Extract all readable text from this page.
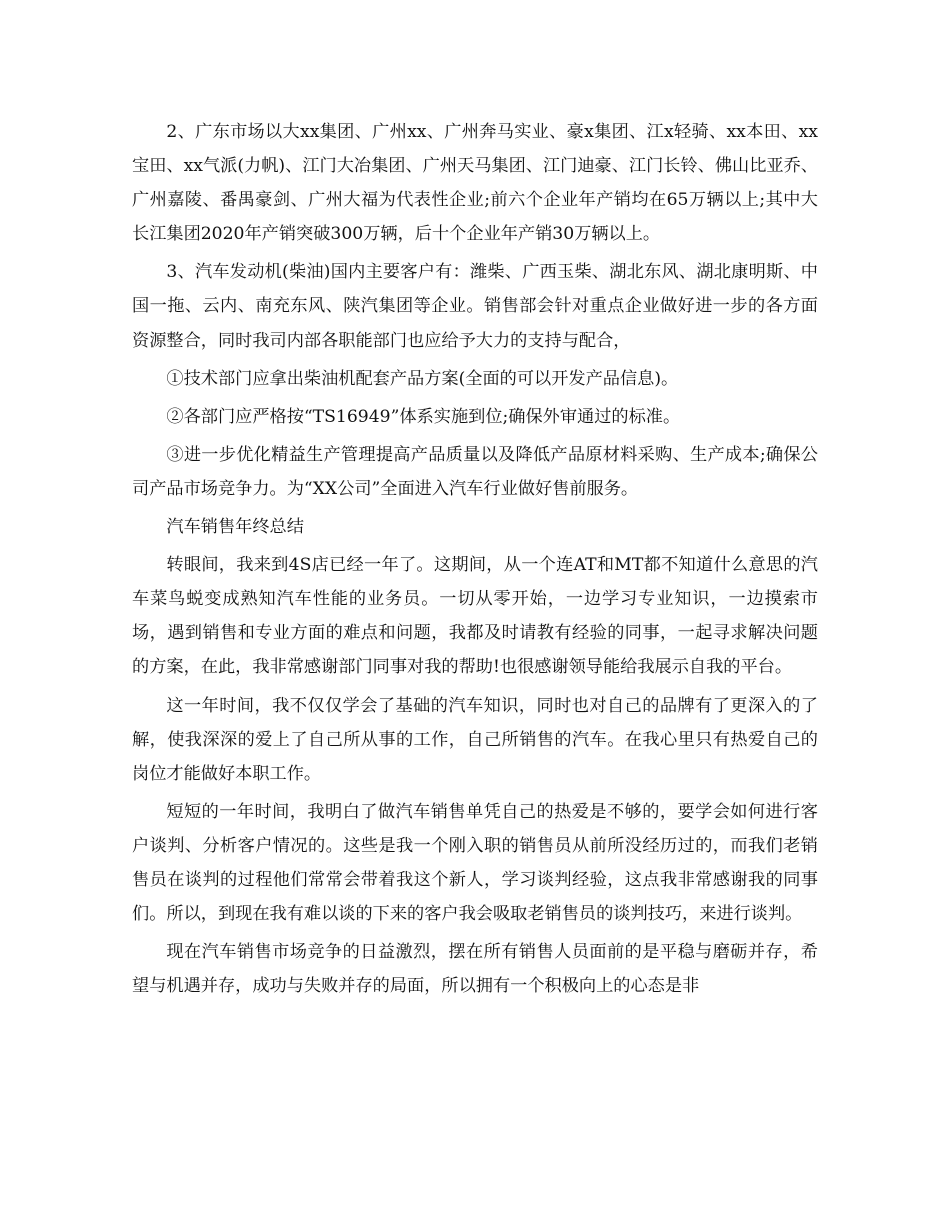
2、广东市场以大xx集团、广州xx、广州奔马实业、豪x集团、江x轻骑、xx本田、xx宝田、xx气派(力帆)、江门大冶集团、广州天马集团、江门迪豪、江门长铃、佛山比亚乔、广州嘉陵、番禺豪剑、广州大福为代表性企业;前六个企业年产销均在65万辆以上;其中大长江集团2020年产销突破300万辆，后十个企业年产销30万辆以上。

3、汽车发动机(柴油)国内主要客户有：潍柴、广西玉柴、湖北东风、湖北康明斯、中国一拖、云内、南充东风、陕汽集团等企业。销售部会针对重点企业做好进一步的各方面资源整合，同时我司内部各职能部门也应给予大力的支持与配合，

①技术部门应拿出柴油机配套产品方案(全面的可以开发产品信息)。

②各部门应严格按“TS16949”体系实施到位;确保外审通过的标准。

③进一步优化精益生产管理提高产品质量以及降低产品原材料采购、生产成本;确保公司产品市场竞争力。为“XX公司”全面进入汽车行业做好售前服务。

汽车销售年终总结

转眼间，我来到4S店已经一年了。这期间，从一个连AT和MT都不知道什么意思的汽车菜鸟蜕变成熟知汽车性能的业务员。一切从零开始，一边学习专业知识，一边摸索市场，遇到销售和专业方面的难点和问题，我都及时请教有经验的同事，一起寻求解决问题的方案，在此，我非常感谢部门同事对我的帮助!也很感谢领导能给我展示自我的平台。

这一年时间，我不仅仅学会了基础的汽车知识，同时也对自己的品牌有了更深入的了解，使我深深的爱上了自己所从事的工作，自己所销售的汽车。在我心里只有热爱自己的岗位才能做好本职工作。

短短的一年时间，我明白了做汽车销售单凭自己的热爱是不够的，要学会如何进行客户谈判、分析客户情况的。这些是我一个刚入职的销售员从前所没经历过的，而我们老销售员在谈判的过程他们常常会带着我这个新人，学习谈判经验，这点我非常感谢我的同事们。所以，到现在我有难以谈的下来的客户我会吸取老销售员的谈判技巧，来进行谈判。

现在汽车销售市场竞争的日益激烈，摆在所有销售人员面前的是平稳与磨砺并存，希望与机遇并存，成功与失败并存的局面，所以拥有一个积极向上的心态是非
